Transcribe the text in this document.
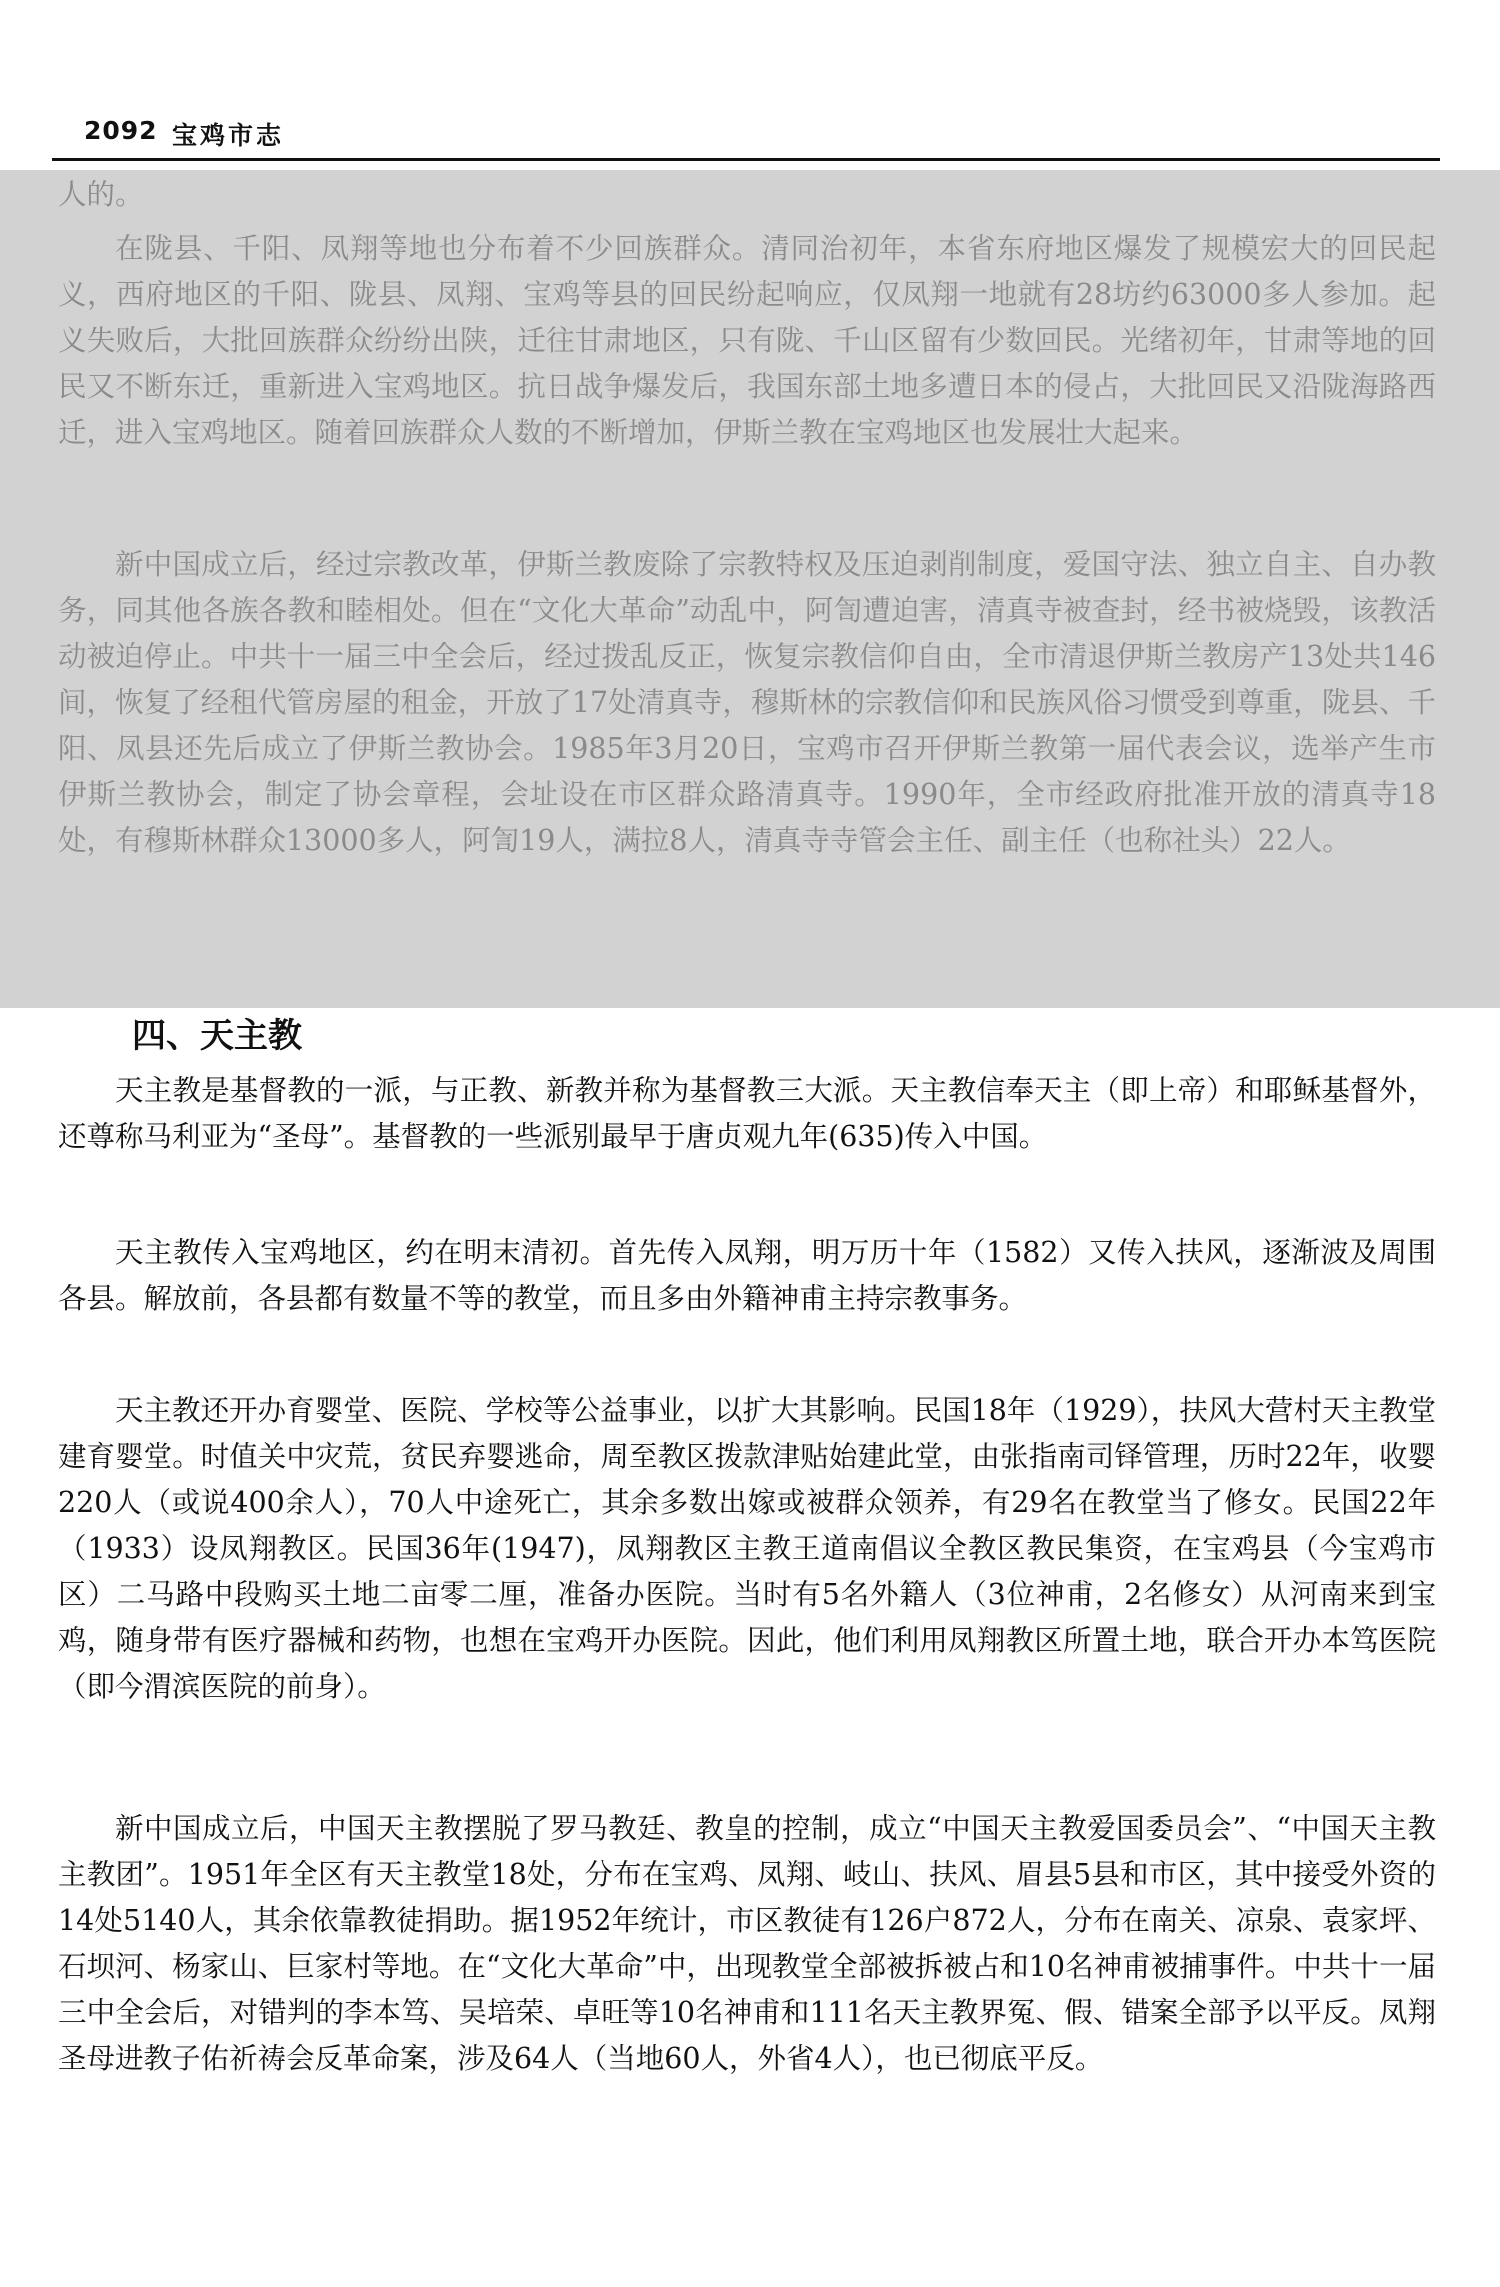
2092 宝鸡市志

人的。

在陇县、千阳、凤翔等地也分布着不少回族群众。清同治初年，本省东府地区爆发了规模宏大的回民起义，西府地区的千阳、陇县、凤翔、宝鸡等县的回民纷起响应，仅凤翔一地就有28坊约63000多人参加。起义失败后，大批回族群众纷纷出陕，迁往甘肃地区，只有陇、千山区留有少数回民。光绪初年，甘肃等地的回民又不断东迁，重新进入宝鸡地区。抗日战争爆发后，我国东部土地多遭日本的侵占，大批回民又沿陇海路西迁，进入宝鸡地区。随着回族群众人数的不断增加，伊斯兰教在宝鸡地区也发展壮大起来。

新中国成立后，经过宗教改革，伊斯兰教废除了宗教特权及压迫剥削制度，爱国守法、独立自主、自办教务，同其他各族各教和睦相处。但在“文化大革命”动乱中，阿訇遭迫害，清真寺被查封，经书被烧毁，该教活动被迫停止。中共十一届三中全会后，经过拨乱反正，恢复宗教信仰自由，全市清退伊斯兰教房产13处共146间，恢复了经租代管房屋的租金，开放了17处清真寺，穆斯林的宗教信仰和民族风俗习惯受到尊重，陇县、千阳、凤县还先后成立了伊斯兰教协会。1985年3月20日，宝鸡市召开伊斯兰教第一届代表会议，选举产生市伊斯兰教协会，制定了协会章程，会址设在市区群众路清真寺。1990年，全市经政府批准开放的清真寺18处，有穆斯林群众13000多人，阿訇19人，满拉8人，清真寺寺管会主任、副主任（也称社头）22人。

四、天主教

天主教是基督教的一派，与正教、新教并称为基督教三大派。天主教信奉天主（即上帝）和耶稣基督外，还尊称马利亚为“圣母”。基督教的一些派别最早于唐贞观九年(635)传入中国。

天主教传入宝鸡地区，约在明末清初。首先传入凤翔，明万历十年（1582）又传入扶风，逐渐波及周围各县。解放前，各县都有数量不等的教堂，而且多由外籍神甫主持宗教事务。

天主教还开办育婴堂、医院、学校等公益事业，以扩大其影响。民国18年（1929），扶风大营村天主教堂建育婴堂。时值关中灾荒，贫民弃婴逃命，周至教区拨款津贴始建此堂，由张指南司铎管理，历时22年，收婴220人（或说400余人），70人中途死亡，其余多数出嫁或被群众领养，有29名在教堂当了修女。民国22年（1933）设凤翔教区。民国36年(1947)，凤翔教区主教王道南倡议全教区教民集资，在宝鸡县（今宝鸡市区）二马路中段购买土地二亩零二厘，准备办医院。当时有5名外籍人（3位神甫，2名修女）从河南来到宝鸡，随身带有医疗器械和药物，也想在宝鸡开办医院。因此，他们利用凤翔教区所置土地，联合开办本笃医院（即今渭滨医院的前身）。

新中国成立后，中国天主教摆脱了罗马教廷、教皇的控制，成立“中国天主教爱国委员会”、“中国天主教主教团”。1951年全区有天主教堂18处，分布在宝鸡、凤翔、岐山、扶风、眉县5县和市区，其中接受外资的14处5140人，其余依靠教徒捐助。据1952年统计，市区教徒有126户872人，分布在南关、凉泉、袁家坪、石坝河、杨家山、巨家村等地。在“文化大革命”中，出现教堂全部被拆被占和10名神甫被捕事件。中共十一届三中全会后，对错判的李本笃、吴培荣、卓旺等10名神甫和111名天主教界冤、假、错案全部予以平反。凤翔圣母进教子佑祈祷会反革命案，涉及64人（当地60人，外省4人），也已彻底平反。
